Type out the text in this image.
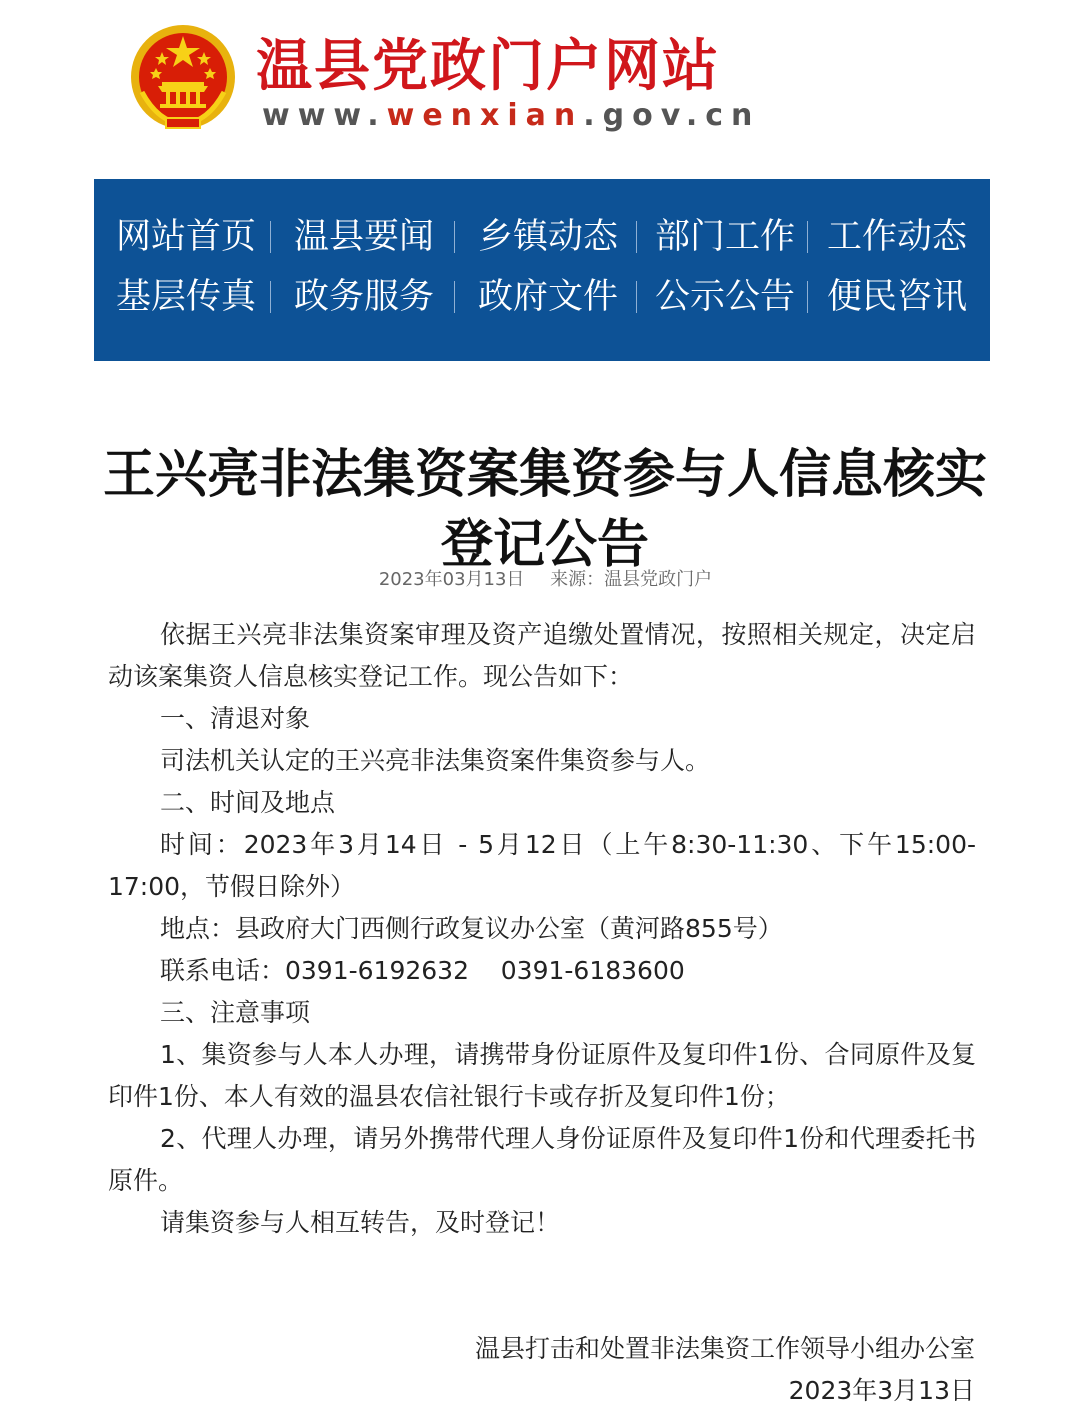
温县党政门户网站
www.wenxian.gov.cn
网站首页 温县要闻 乡镇动态 部门工作 工作动态
基层传真 政务服务 政府文件 公示公告 便民咨讯
王兴亮非法集资案集资参与人信息核实登记公告
2023年03月13日 来源：温县党政门户

依据王兴亮非法集资案审理及资产追缴处置情况，按照相关规定，决定启动该案集资人信息核实登记工作。现公告如下：

一、清退对象

司法机关认定的王兴亮非法集资案件集资参与人。

二、时间及地点

时间：2023年3月14日 - 5月12日（上午8:30-11:30、下午15:00-17:00，节假日除外）

地点：县政府大门西侧行政复议办公室（黄河路855号）

联系电话：0391-6192632    0391-6183600

三、注意事项

1、集资参与人本人办理，请携带身份证原件及复印件1份、合同原件及复印件1份、本人有效的温县农信社银行卡或存折及复印件1份；

2、代理人办理，请另外携带代理人身份证原件及复印件1份和代理委托书原件。

请集资参与人相互转告，及时登记！

温县打击和处置非法集资工作领导小组办公室
2023年3月13日
